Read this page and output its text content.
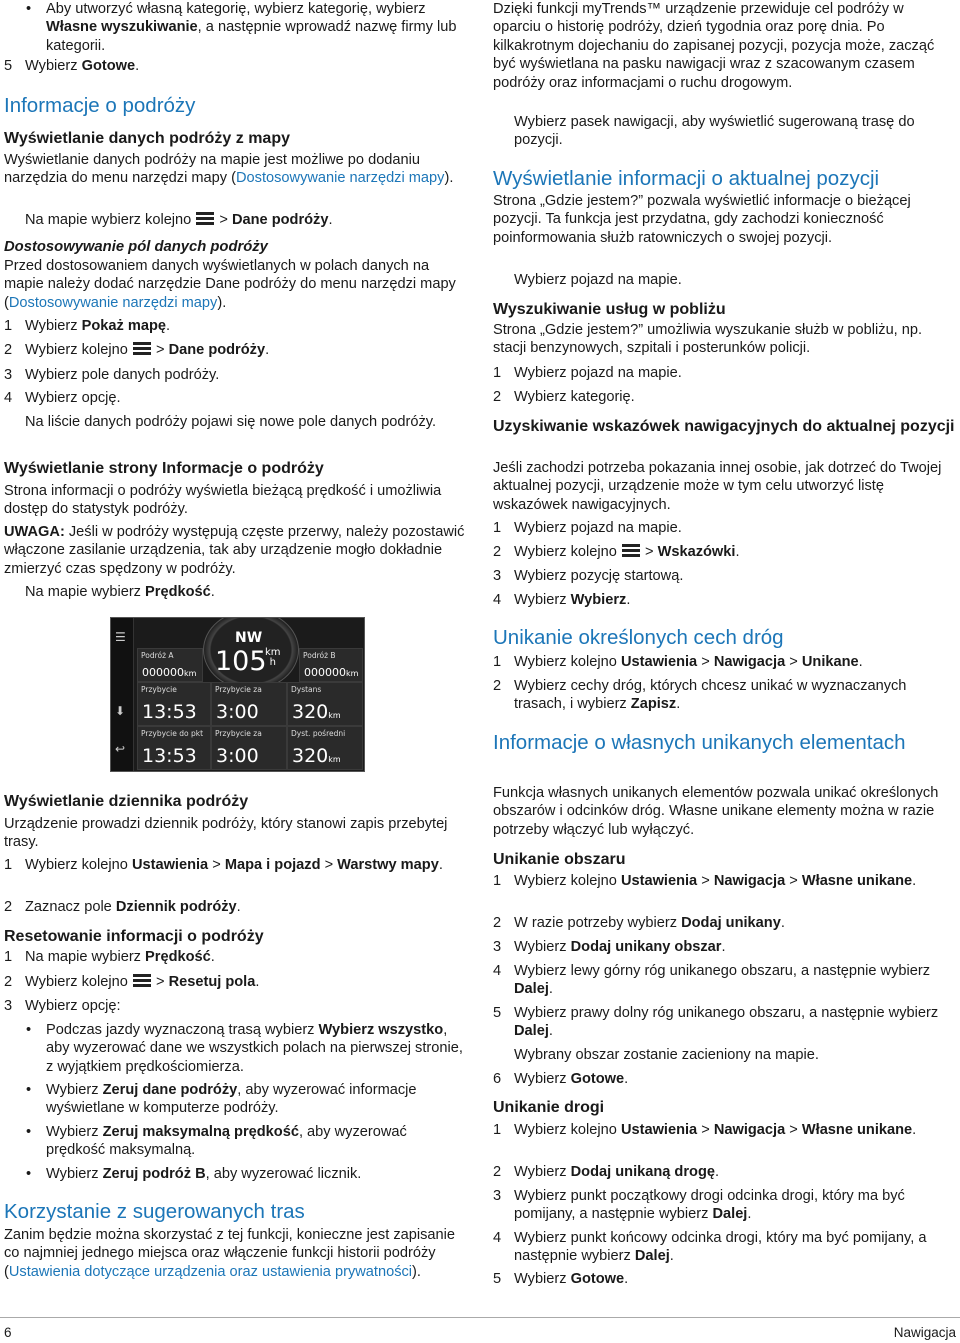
• Aby utworzyć własną kategorię, wybierz kategorię, wybierz Własne wyszukiwanie, a następnie wprowadź nazwę firmy lub kategorii.
5 Wybierz Gotowe.
Informacje o podróży
Wyświetlanie danych podróży z mapy

Wyświetlanie danych podróży na mapie jest możliwe po dodaniu narzędzia do menu narzędzi mapy (Dostosowywanie narzędzi mapy).

Na mapie wybierz kolejno  > Dane podróży.

Dostosowywanie pól danych podróży

Przed dostosowaniem danych wyświetlanych w polach danych na mapie należy dodać narzędzie Dane podróży do menu narzędzi mapy (Dostosowywanie narzędzi mapy).

1 Wybierz Pokaż mapę.
2 Wybierz kolejno  > Dane podróży.
3 Wybierz pole danych podróży.
4 Wybierz opcję.

Na liście danych podróży pojawi się nowe pole danych podróży.

Wyświetlanie strony Informacje o podróży

Strona informacji o podróży wyświetla bieżącą prędkość i umożliwia dostęp do statystyk podróży.

UWAGA: Jeśli w podróży występują częste przerwy, należy pozostawić włączone zasilanie urządzenia, tak aby urządzenie mogło dokładnie zmierzyć czas spędzony w podróży.

Na mapie wybierz Prędkość.

Wyświetlanie dziennika podróży

Urządzenie prowadzi dziennik podróży, który stanowi zapis przebytej trasy.

1 Wybierz kolejno Ustawienia > Mapa i pojazd > Warstwy mapy.
2 Zaznacz pole Dziennik podróży.
Resetowanie informacji o podróży
1 Na mapie wybierz Prędkość.
2 Wybierz kolejno  > Resetuj pola.
3 Wybierz opcję:
• Podczas jazdy wyznaczoną trasą wybierz Wybierz wszystko, aby wyzerować dane we wszystkich polach na pierwszej stronie, z wyjątkiem prędkościomierza.
• Wybierz Zeruj dane podróży, aby wyzerować informacje wyświetlane w komputerze podróży.
• Wybierz Zeruj maksymalną prędkość, aby wyzerować prędkość maksymalną.
• Wybierz Zeruj podróż B, aby wyzerować licznik.
Korzystanie z sugerowanych tras

Zanim będzie można skorzystać z tej funkcji, konieczne jest zapisanie co najmniej jednego miejsca oraz włączenie funkcji historii podróży (Ustawienia dotyczące urządzenia oraz ustawienia prywatności).

☰
⬇
↩
NW
105
km
h
Podróż A
000000km
Podróż B
000000km
Przybycie
13:53
Przybycie za
3:00
Dystans
320km
Przybycie do pkt
13:53
Przybycie za
3:00
Dyst. pośredni
320km

Dzięki funkcji myTrends™ urządzenie przewiduje cel podróży w oparciu o historię podróży, dzień tygodnia oraz porę dnia. Po kilkakrotnym dojechaniu do zapisanej pozycji, pozycja może, zacząć być wyświetlana na pasku nawigacji wraz z szacowanym czasem podróży oraz informacjami o ruchu drogowym.

Wybierz pasek nawigacji, aby wyświetlić sugerowaną trasę do pozycji.

Wyświetlanie informacji o aktualnej pozycji

Strona „Gdzie jestem?” pozwala wyświetlić informacje o bieżącej pozycji. Ta funkcja jest przydatna, gdy zachodzi konieczność poinformowania służb ratowniczych o swojej pozycji.

Wybierz pojazd na mapie.

Wyszukiwanie usług w pobliżu

Strona „Gdzie jestem?” umożliwia wyszukanie służb w pobliżu, np. stacji benzynowych, szpitali i posterunków policji.

1 Wybierz pojazd na mapie.
2 Wybierz kategorię.
Uzyskiwanie wskazówek nawigacyjnych do aktualnej pozycji

Jeśli zachodzi potrzeba pokazania innej osobie, jak dotrzeć do Twojej aktualnej pozycji, urządzenie może w tym celu utworzyć listę wskazówek nawigacyjnych.

1 Wybierz pojazd na mapie.
2 Wybierz kolejno  > Wskazówki.
3 Wybierz pozycję startową.
4 Wybierz Wybierz.
Unikanie określonych cech dróg
1 Wybierz kolejno Ustawienia > Nawigacja > Unikane.
2 Wybierz cechy dróg, których chcesz unikać w wyznaczanych trasach, i wybierz Zapisz.
Informacje o własnych unikanych elementach

Funkcja własnych unikanych elementów pozwala unikać określonych obszarów i odcinków dróg. Własne unikane elementy można w razie potrzeby włączyć lub wyłączyć.

Unikanie obszaru
1 Wybierz kolejno Ustawienia > Nawigacja > Własne unikane.
2 W razie potrzeby wybierz Dodaj unikany.
3 Wybierz Dodaj unikany obszar.
4 Wybierz lewy górny róg unikanego obszaru, a następnie wybierz Dalej.
5 Wybierz prawy dolny róg unikanego obszaru, a następnie wybierz Dalej.

Wybrany obszar zostanie zacieniony na mapie.

6 Wybierz Gotowe.
Unikanie drogi
1 Wybierz kolejno Ustawienia > Nawigacja > Własne unikane.
2 Wybierz Dodaj unikaną drogę.
3 Wybierz punkt początkowy drogi odcinka drogi, który ma być pomijany, a następnie wybierz Dalej.
4 Wybierz punkt końcowy odcinka drogi, który ma być pomijany, a następnie wybierz Dalej.
5 Wybierz Gotowe.
6	Nawigacja
